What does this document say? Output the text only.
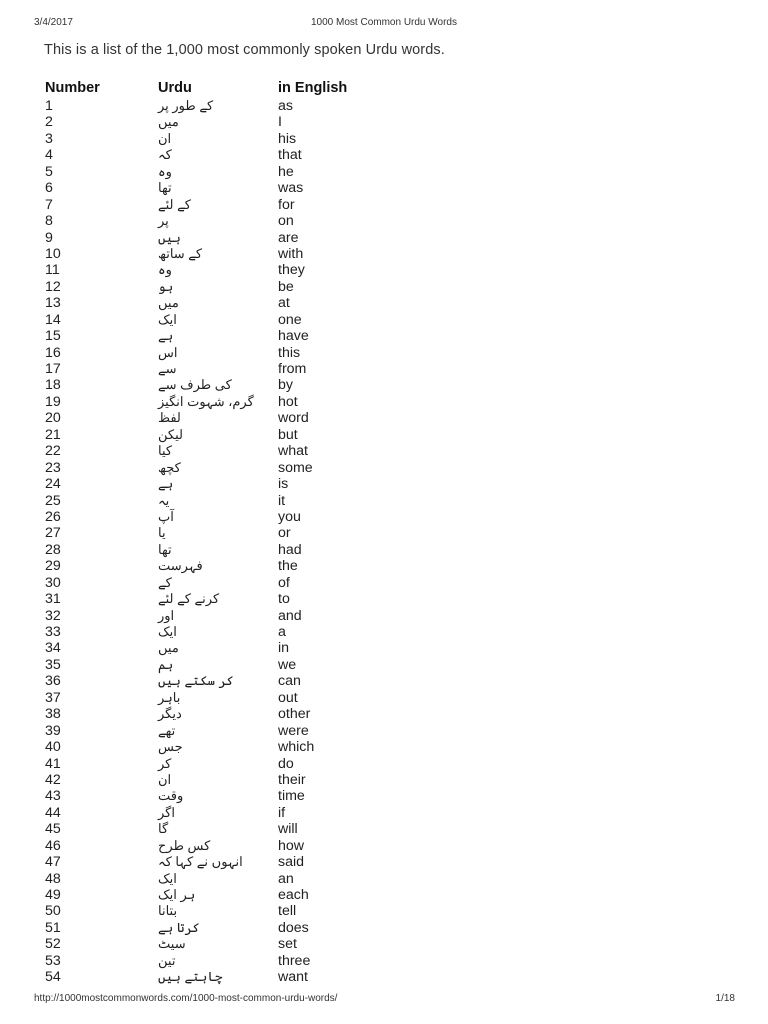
3/4/2017	1000 Most Common Urdu Words
This is a list of the 1,000 most commonly spoken Urdu words.
Number	Urdu	in English
1	کے طور پر	as
2	میں	I
3	ان	his
4	کہ	that
5	وہ	he
6	تھا	was
7	کے لئے	for
8	پر	on
9	ہیں	are
10	کے ساتھ	with
11	وہ	they
12	ہو	be
13	میں	at
14	ایک	one
15	ہے	have
16	اس	this
17	سے	from
18	کی طرف سے	by
19	گرم، شہوت انگیز	hot
20	لفظ	word
21	لیکن	but
22	کیا	what
23	کچھ	some
24	ہے	is
25	یہ	it
26	آپ	you
27	یا	or
28	تھا	had
29	فہرست	the
30	کے	of
31	کرنے کے لئے	to
32	اور	and
33	ایک	a
34	میں	in
35	ہم	we
36	کر سکتے ہیں	can
37	باہر	out
38	دیگر	other
39	تھے	were
40	جس	which
41	کر	do
42	ان	their
43	وقت	time
44	اگر	if
45	گا	will
46	کس طرح	how
47	انہوں نے کہا کہ	said
48	ایک	an
49	ہر ایک	each
50	بتانا	tell
51	کرتا ہے	does
52	سیٹ	set
53	تین	three
54	چاہتے ہیں	want
http://1000mostcommonwords.com/1000-most-common-urdu-words/	1/18
